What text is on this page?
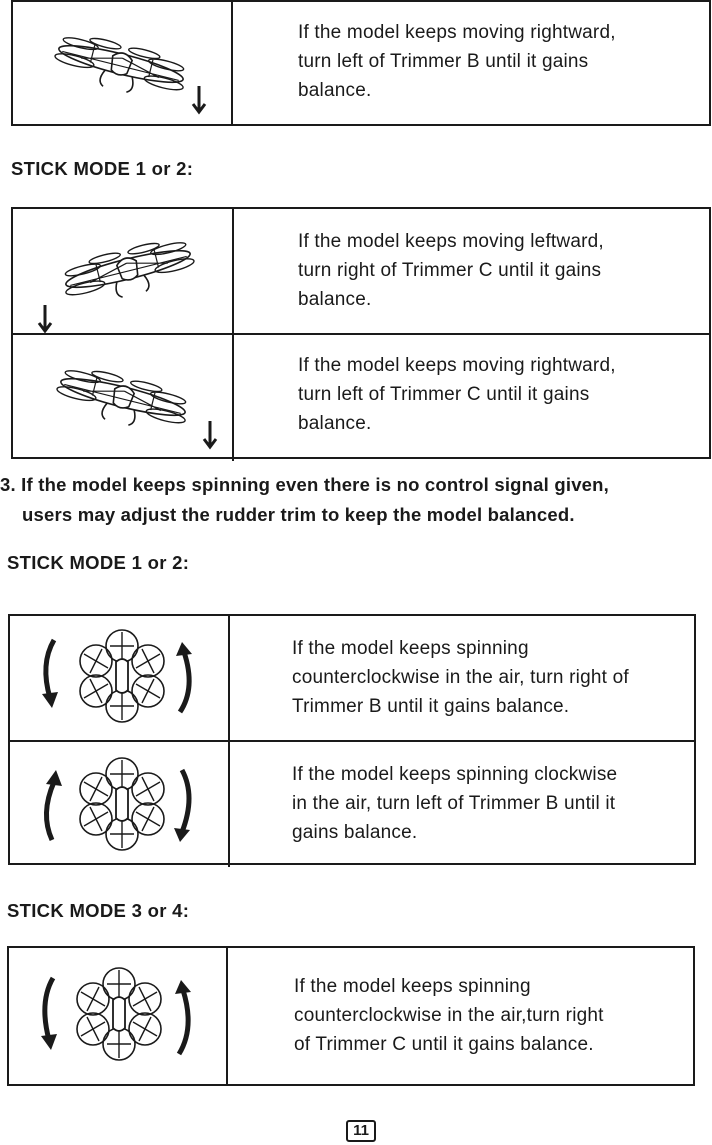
If the model keeps moving rightward,
turn left of Trimmer B until it gains
balance.
STICK MODE 1 or 2:
If the model keeps moving leftward,
turn right of Trimmer C until it gains
balance.
If the model keeps moving rightward,
turn left of Trimmer C until it gains
balance.
3. If the model keeps spinning even there is no control signal given,
users may adjust the rudder trim to keep the model balanced.
STICK MODE 1 or 2:
If the model keeps spinning
counterclockwise in the air, turn right of
Trimmer B until it gains balance.
If the model keeps spinning clockwise
in the air, turn left of Trimmer B until it
gains balance.
STICK MODE 3 or 4:
If the model keeps spinning
counterclockwise in the air,turn right
of Trimmer C until it gains balance.
11
